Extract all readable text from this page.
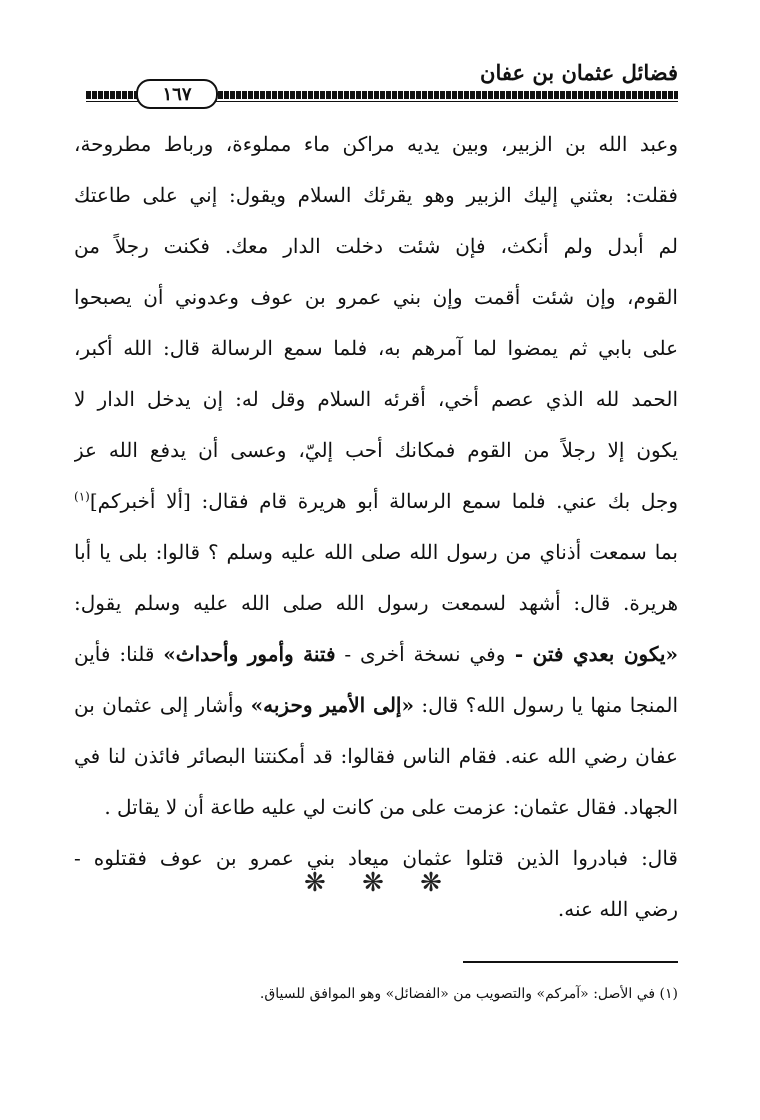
فضائل عثمان بن عفان
١٦٧
وعبد الله بن الزبير، وبين يديه مراكن ماء مملوءة، ورباط مطروحة،
فقلت: بعثني إليك الزبير وهو يقرئك السلام ويقول: إني على طاعتك
لم أبدل ولم أنكث، فإن شئت دخلت الدار معك. فكنت رجلاً من
القوم، وإن شئت أقمت وإن بني عمرو بن عوف وعدوني أن يصبحوا
على بابي ثم يمضوا لما آمرهم به، فلما سمع الرسالة قال: الله أكبر،
الحمد لله الذي عصم أخي، أقرئه السلام وقل له: إن يدخل الدار لا
يكون إلا رجلاً من القوم فمكانك أحب إليّ، وعسى أن يدفع الله عز
وجل بك عني. فلما سمع الرسالة أبو هريرة قام فقال: [ألا أخبركم]$^{(١)}$
بما سمعت أذناي من رسول الله صلى الله عليه وسلم ؟ قالوا: بلى يا أبا
هريرة. قال: أشهد لسمعت رسول الله صلى الله عليه وسلم يقول:
«يكون بعدي فتن - وفي نسخة أخرى - فتنة وأمور وأحداث» قلنا: فأين
المنجا منها يا رسول الله؟ قال: «إلى الأمير وحزبه» وأشار إلى عثمان بن
عفان رضي الله عنه. فقام الناس فقالوا: قد أمكنتنا البصائر فائذن لنا في
الجهاد. فقال عثمان: عزمت على من كانت لي عليه طاعة أن لا يقاتل .
قال: فبادروا الذين قتلوا عثمان ميعاد بني عمرو بن عوف فقتلوه -
رضي الله عنه.
❋ ❋ ❋
(١) في الأصل: «آمركم» والتصويب من «الفضائل» وهو الموافق للسياق.
